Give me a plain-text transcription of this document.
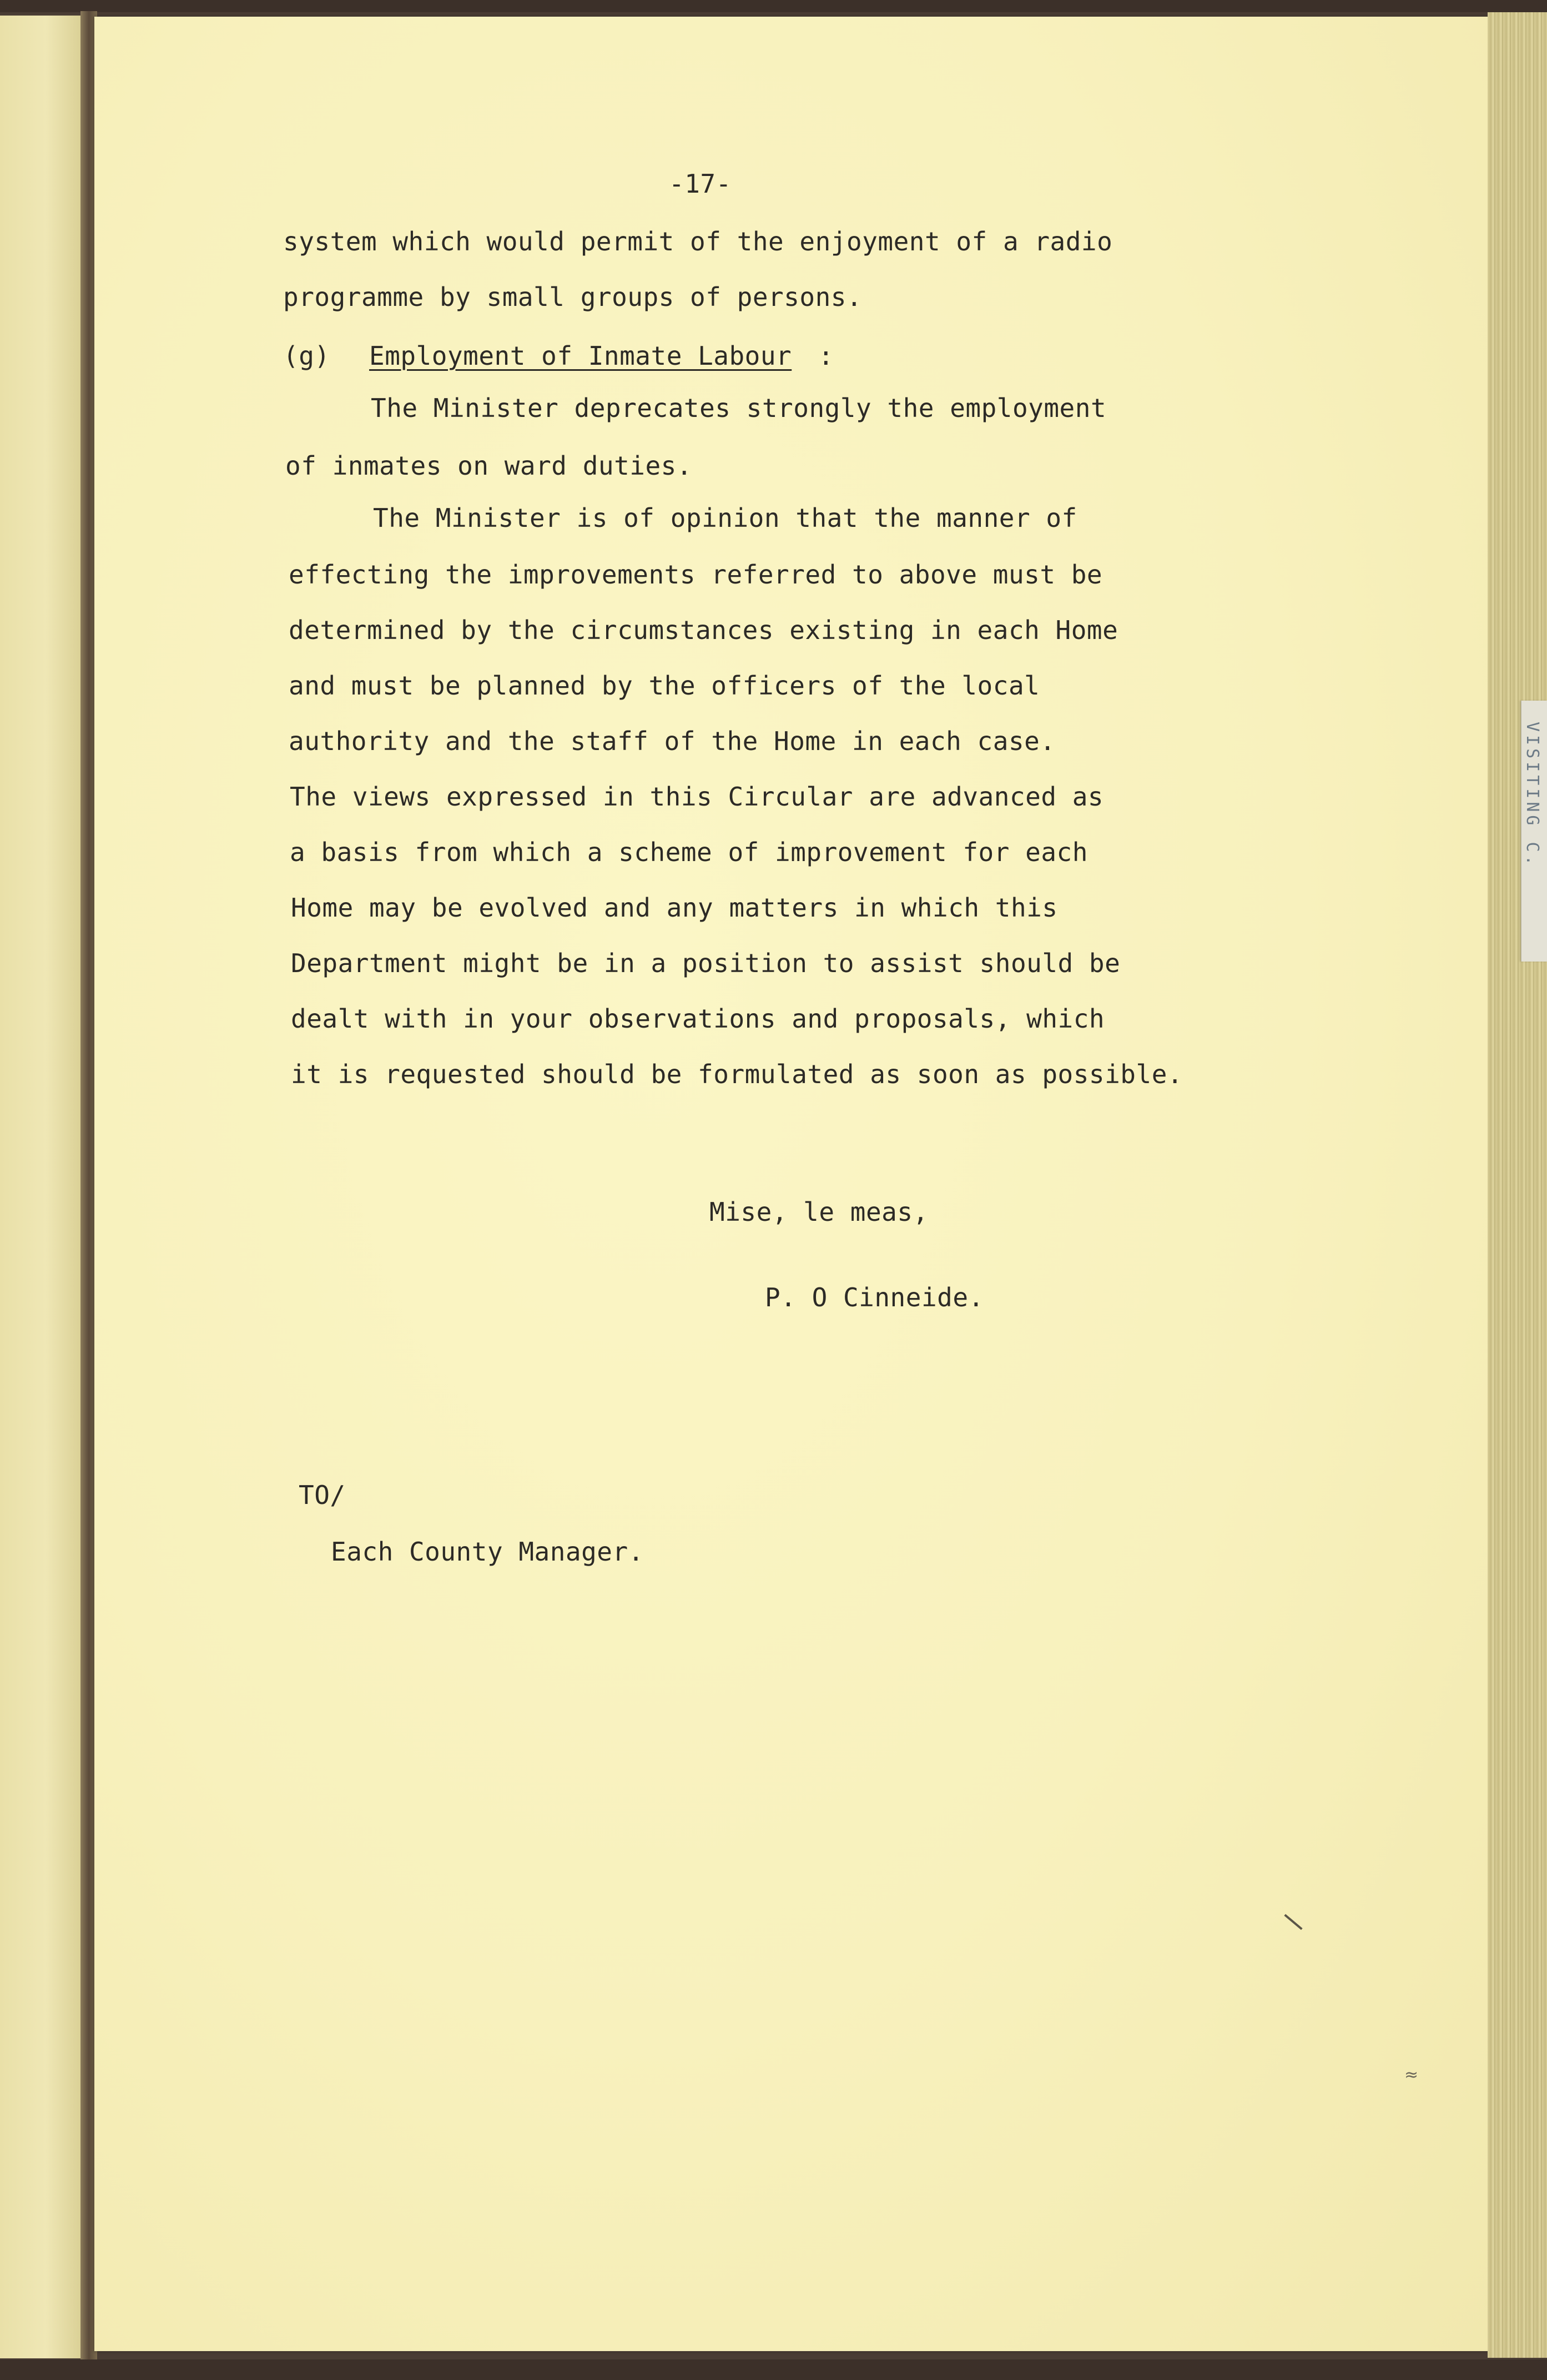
VISITING C.
-17-
system which would permit of the enjoyment of a radio
programme by small groups of persons.
(g) Employment of Inmate Labour :
The Minister deprecates strongly the employment
of inmates on ward duties.
The Minister is of opinion that the manner of
effecting the improvements referred to above must be
determined by the circumstances existing in each Home
and must be planned by the officers of the local
authority and the staff of the Home in each case.
The views expressed in this Circular are advanced as
a basis from which a scheme of improvement for each
Home may be evolved and any matters in which this
Department might be in a position to assist should be
dealt with in your observations and proposals, which
it is requested should be formulated as soon as possible.
Mise, le meas,
P. O Cinneide.
TO/
Each County Manager.
≈
